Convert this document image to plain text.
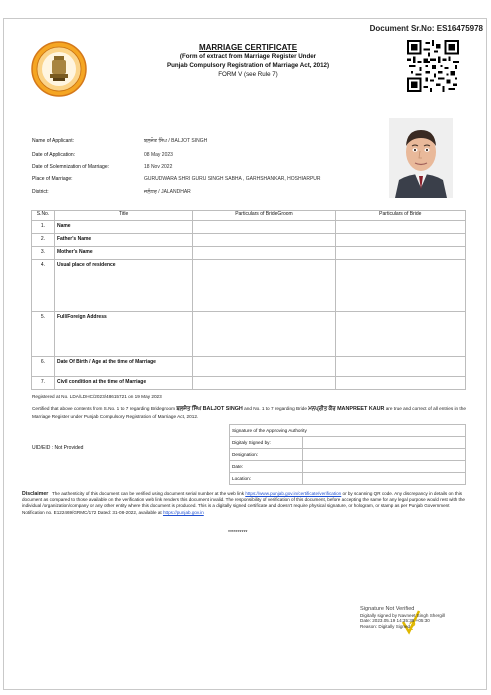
Document Sr.No: ES16475978
MARRIAGE CERTIFICATE
(Form of extract from Marriage Register Under
Punjab Compulsory Registration of Marriage Act, 2012)
FORM V (see Rule 7)
Name of Applicant:	ਬਲਜੋਤ ਸਿੰਘ / BALJOT SINGH
Date of Application:	08 May 2023
Date of Solemnization of Marriage:	18 Nov 2022
Place of Marriage:	GURUDWARA SHRI GURU SINGH SABHA , GARHSHANKAR, HOSHIARPUR
District:	ਜਲੰਧਰ / JALANDHAR
S.No.	Title	Particulars of BrideGroom	Particulars of Bride
1.	Name		
2.	Father's Name		
3.	Mother's Name		
4.	Usual place of residence		
5.	Full/Foreign Address		
6.	Date Of Birth / Age at the time of Marriage		
7.	Civil condition at the time of Marriage		
Registered at No. LDA/LDHC/2023/48615721 on 19 May 2023
Certified that above contents from S.No. 1 to 7 regarding Bridegroom ਬਲਜੋਤ ਸਿੰਘ BALJOT SINGH and No. 1 to 7 regarding Bride ਮਨਪ੍ਰੀਤ ਕੌਰ MANPREET KAUR are true and correct of all entries in the Marriage Register under Punjab Compulsory Registration of Marriage Act, 2012.
Signature of the Approving Authority	
Digitaly Signed by:	
Designation:	
Date:	
Location:	
UID/EID : Not Provided
Disclaimer The authenticity of this document can be verified using document serial number at the web link https://www.punjab.gov.in/certificate/verification or by scanning QR code. Any discrepancy in details on this document as compared to those available on the verification web link renders this document invalid. The responsibility of verification of this document, before accepting the same for any legal purpose would rest with the individual /organization/company or any other entity where this document is produced. This is a digitally signed certificate and doesn't require physical signature, or hologram, or stamp as per Punjab Government Notification no. E122469/GRMC/172 Dated: 31-08-2022, available at https://punjab.gov.in
**********
?
Signature Not Verified
Digitally signed by Navneet Singh Shergill
Date: 2023.05.19 14:35:38 +05:30
Reason: Digitally Signed
